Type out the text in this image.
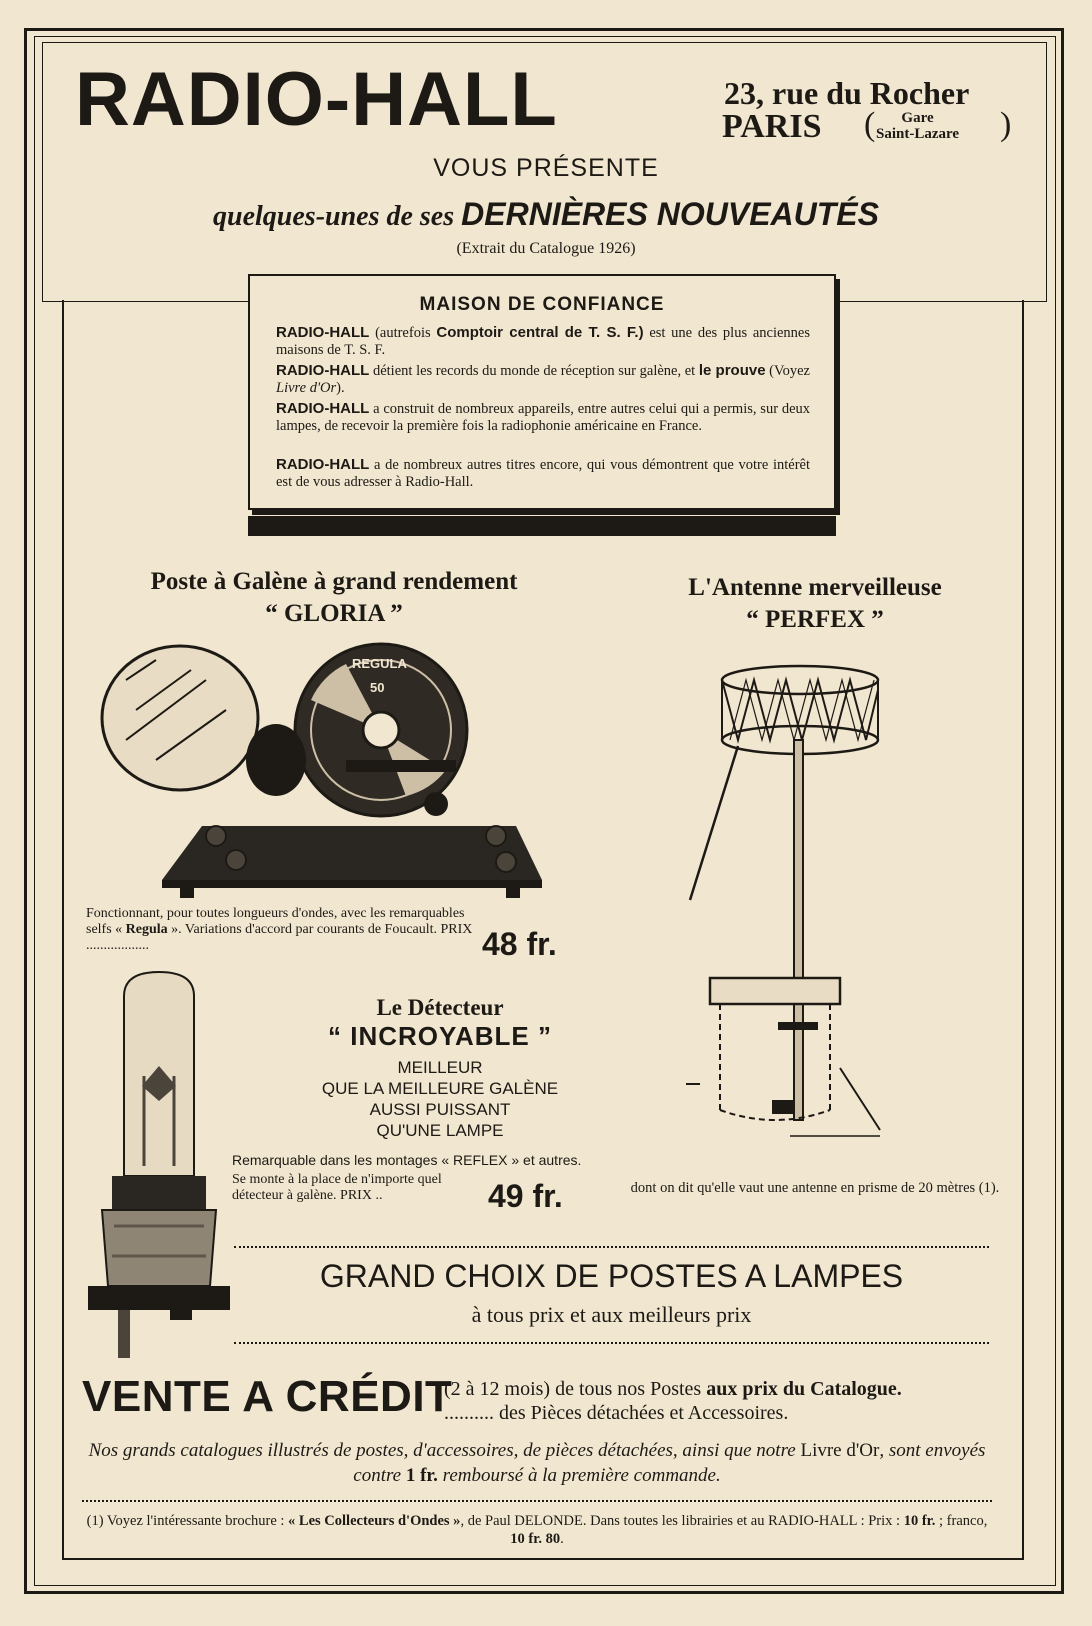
RADIO-HALL	23, rue du Rocher
PARIS (	Gare
Saint-Lazare )
VOUS PRÉSENTE
quelques-unes de ses DERNIÈRES NOUVEAUTÉS
(Extrait du Catalogue 1926)
MAISON DE CONFIANCE
RADIO-HALL (autrefois Comptoir central de T. S. F.) est une des plus anciennes maisons de T. S. F.
RADIO-HALL détient les records du monde de réception sur galène, et le prouve (Voyez Livre d'Or).
RADIO-HALL a construit de nombreux appareils, entre autres celui qui a permis, sur deux lampes, de recevoir la première fois la radiophonie américaine en France.
RADIO-HALL a de nombreux autres titres encore, qui vous démontrent que votre intérêt est de vous adresser à Radio-Hall.
Poste à Galène à grand rendement
“ GLORIA ”
REGULA
50
Fonctionnant, pour toutes longueurs d'ondes, avec les remarquables selfs « Regula ». Variations d'accord par courants de Foucault. PRIX ..................	48 fr.
L'Antenne merveilleuse
“ PERFEX ”
dont on dit qu'elle vaut une antenne en prisme de 20 mètres (1).
Le Détecteur
“ INCROYABLE ”
MEILLEUR
QUE LA MEILLEURE GALÈNE
AUSSI PUISSANT
QU'UNE LAMPE
Remarquable dans les montages « REFLEX » et autres.
Se monte à la place de n'importe quel détecteur à galène. PRIX ..	49 fr.
GRAND CHOIX DE POSTES A LAMPES
à tous prix et aux meilleurs prix
VENTE A CRÉDIT
(2 à 12 mois) de tous nos Postes aux prix du Catalogue.
.......... des Pièces détachées et Accessoires.
Nos grands catalogues illustrés de postes, d'accessoires, de pièces détachées, ainsi que notre Livre d'Or, sont envoyés contre 1 fr. remboursé à la première commande.
(1) Voyez l'intéressante brochure : « Les Collecteurs d'Ondes », de Paul DELONDE. Dans toutes les librairies et au RADIO-HALL : Prix : 10 fr. ; franco, 10 fr. 80.
